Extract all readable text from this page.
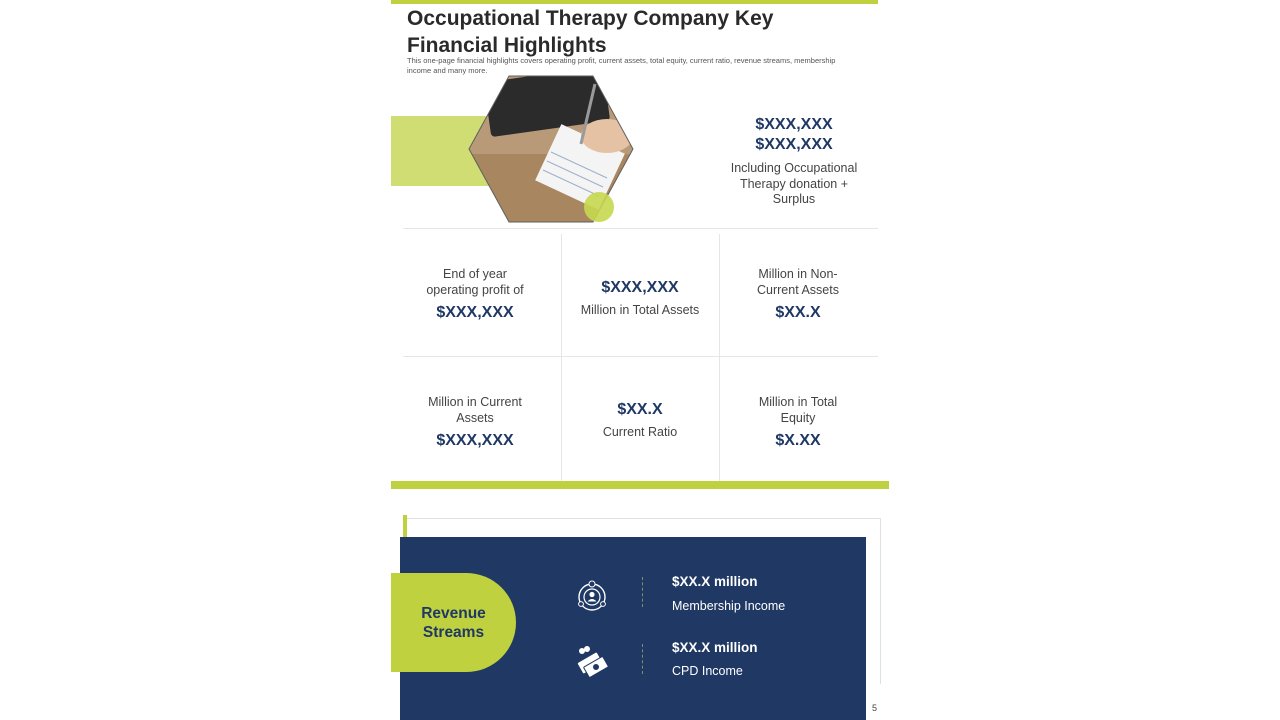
Occupational Therapy Company Key
Financial Highlights

This one-page financial highlights covers operating profit, current assets, total equity, current ratio, revenue streams, membership income and many more.

$XXX,XXX
$XXX,XXX
Including Occupational Therapy donation + Surplus
End of year operating profit of
$XXX,XXX
$XXX,XXX
Million in Total Assets
Million in Non-Current Assets
$XX.X
Million in Current Assets
$XXX,XXX
$XX.X
Current Ratio
Million in Total Equity
$X.XX
Revenue
Streams
$XX.X million
Membership Income
$XX.X million
CPD Income
5
